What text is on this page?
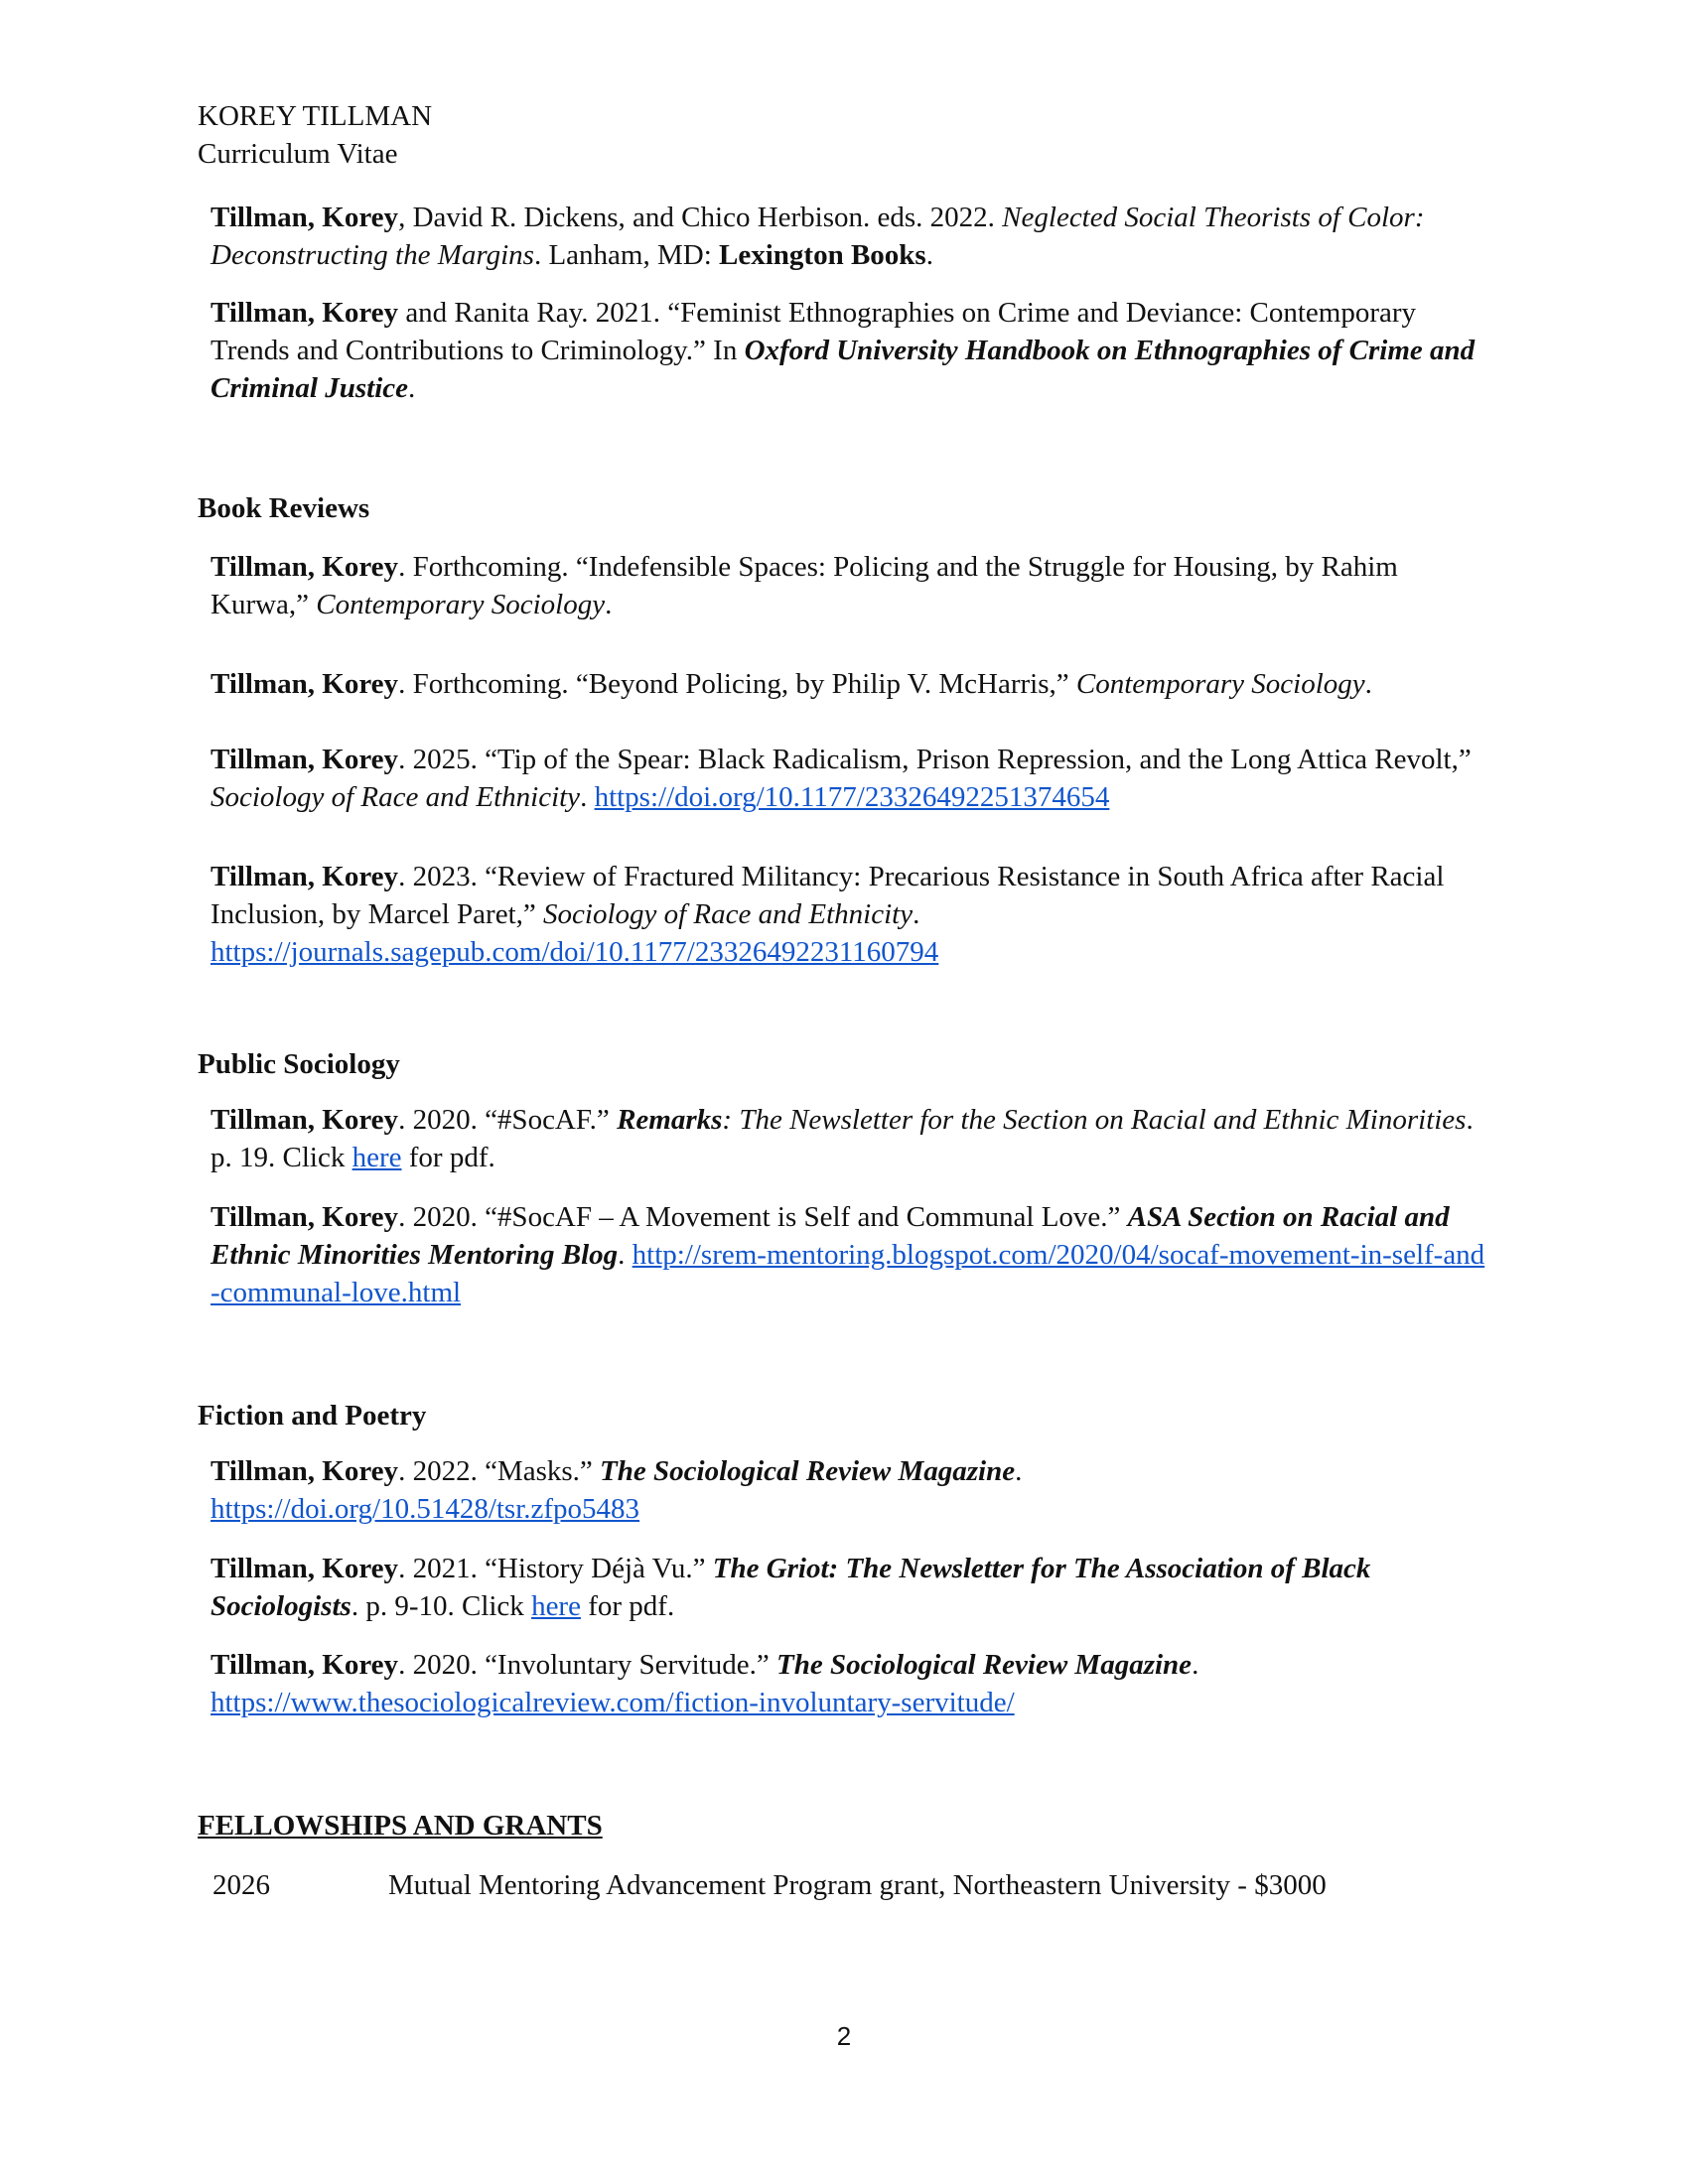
KOREY TILLMAN
Curriculum Vitae
Tillman, Korey, David R. Dickens, and Chico Herbison. eds. 2022. Neglected Social Theorists of Color: Deconstructing the Margins. Lanham, MD: Lexington Books.
Tillman, Korey and Ranita Ray. 2021. “Feminist Ethnographies on Crime and Deviance: Contemporary Trends and Contributions to Criminology.” In Oxford University Handbook on Ethnographies of Crime and Criminal Justice.
Book Reviews
Tillman, Korey. Forthcoming. “Indefensible Spaces: Policing and the Struggle for Housing, by Rahim Kurwa,” Contemporary Sociology.
Tillman, Korey. Forthcoming. “Beyond Policing, by Philip V. McHarris,” Contemporary Sociology.
Tillman, Korey. 2025. “Tip of the Spear: Black Radicalism, Prison Repression, and the Long Attica Revolt,” Sociology of Race and Ethnicity. https://doi.org/10.1177/23326492251374654
Tillman, Korey. 2023. “Review of Fractured Militancy: Precarious Resistance in South Africa after Racial Inclusion, by Marcel Paret,” Sociology of Race and Ethnicity.
https://journals.sagepub.com/doi/10.1177/23326492231160794
Public Sociology
Tillman, Korey. 2020. “#SocAF.” Remarks: The Newsletter for the Section on Racial and Ethnic Minorities. p. 19. Click here for pdf.
Tillman, Korey. 2020. “#SocAF – A Movement is Self and Communal Love.” ASA Section on Racial and Ethnic Minorities Mentoring Blog. http://srem-mentoring.blogspot.com/2020/04/socaf-movement-in-self-and-communal-love.html
Fiction and Poetry
Tillman, Korey. 2022. “Masks.” The Sociological Review Magazine.
https://doi.org/10.51428/tsr.zfpo5483
Tillman, Korey. 2021. “History Déjà Vu.” The Griot: The Newsletter for The Association of Black Sociologists. p. 9-10. Click here for pdf.
Tillman, Korey. 2020. “Involuntary Servitude.” The Sociological Review Magazine.
https://www.thesociologicalreview.com/fiction-involuntary-servitude/
FELLOWSHIPS AND GRANTS
2026	Mutual Mentoring Advancement Program grant, Northeastern University - $3000
2
